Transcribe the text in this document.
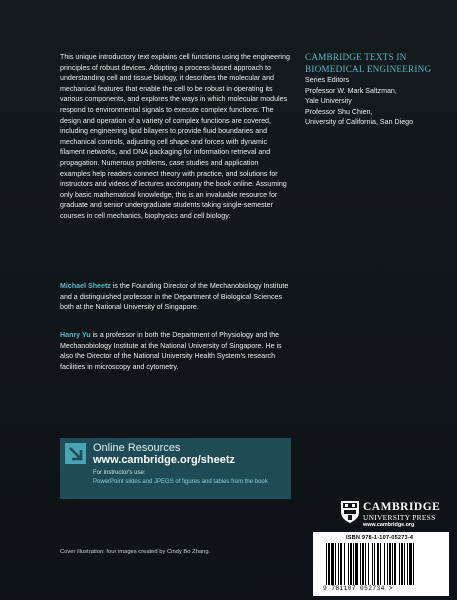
This unique introductory text explains cell functions using the engineering principles of robust devices. Adopting a process-based approach to understanding cell and tissue biology, it describes the molecular and mechanical features that enable the cell to be robust in operating its various components, and explores the ways in which molecular modules respond to environmental signals to execute complex functions. The design and operation of a variety of complex functions are covered, including engineering lipid bilayers to provide fluid boundaries and mechanical controls, adjusting cell shape and forces with dynamic filament networks, and DNA packaging for information retrieval and propagation. Numerous problems, case studies and application examples help readers connect theory with practice, and solutions for instructors and videos of lectures accompany the book online. Assuming only basic mathematical knowledge, this is an invaluable resource for graduate and senior undergraduate students taking single-semester courses in cell mechanics, biophysics and cell biology.

Michael Sheetz is the Founding Director of the Mechanobiology Institute and a distinguished professor in the Department of Biological Sciences both at the National University of Singapore.

Hanry Yu is a professor in both the Department of Physiology and the Mechanobiology Institute at the National University of Singapore. He is also the Director of the National University Health System's research facilities in microscopy and cytometry.

CAMBRIDGE TEXTS IN
BIOMEDICAL ENGINEERING
Series Editors
Professor W. Mark Saltzman,
Yale University
Professor Shu Chien,
University of California, San Diego
Online Resources
www.cambridge.org/sheetz
For instructor's use:
PowerPoint slides and JPEGS of figures and tables from the book
CAMBRIDGE
UNIVERSITY PRESS
www.cambridge.org
ISBN 978-1-107-05273-4
9 781107 052734 >
Cover illustration: four images created by Cindy Bo Zhang.
